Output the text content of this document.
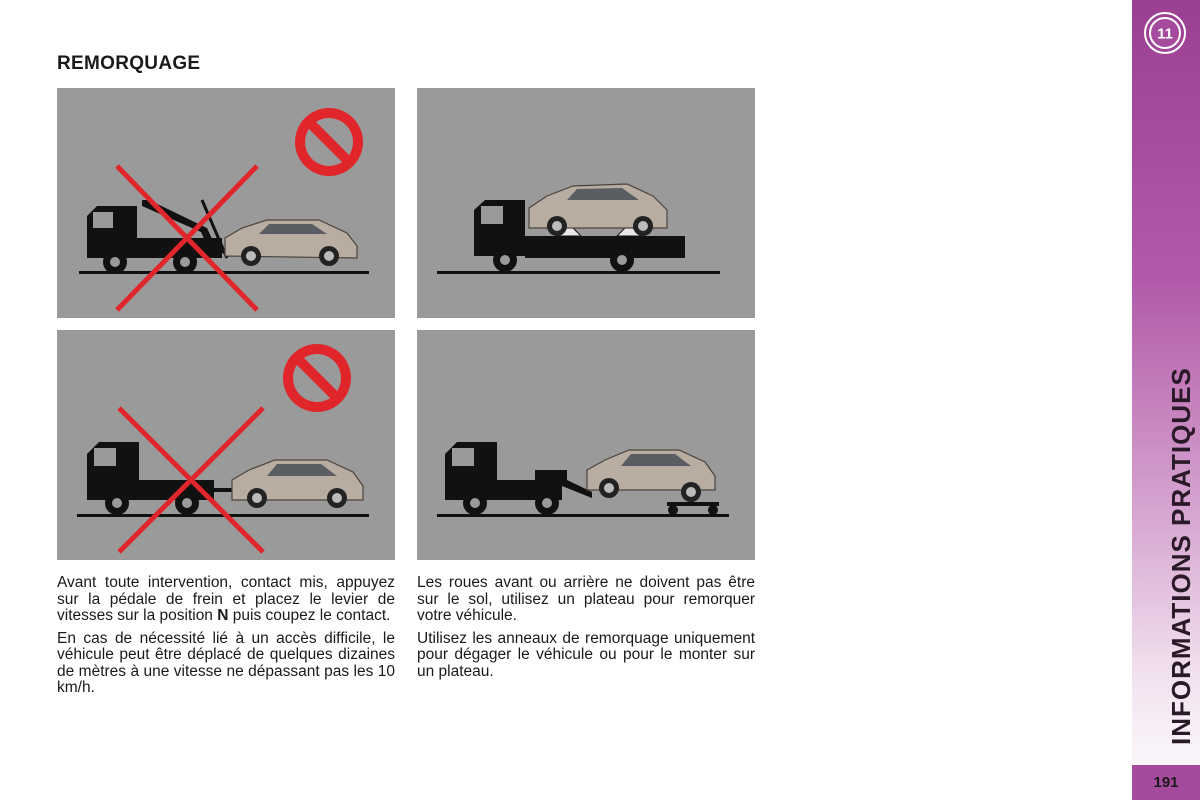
REMORQUAGE

Avant toute intervention, contact mis, appuyez sur la pédale de frein et placez le levier de vitesses sur la position N puis coupez le contact.

En cas de nécessité lié à un accès difficile, le véhicule peut être déplacé de quelques dizaines de mètres à une vitesse ne dépassant pas les 10 km/h.

Les roues avant ou arrière ne doivent pas être sur le sol, utilisez un plateau pour remorquer votre véhicule.

Utilisez les anneaux de remorquage uniquement pour dégager le véhicule ou pour le monter sur un plateau.

11
INFORMATIONS PRATIQUES
191
